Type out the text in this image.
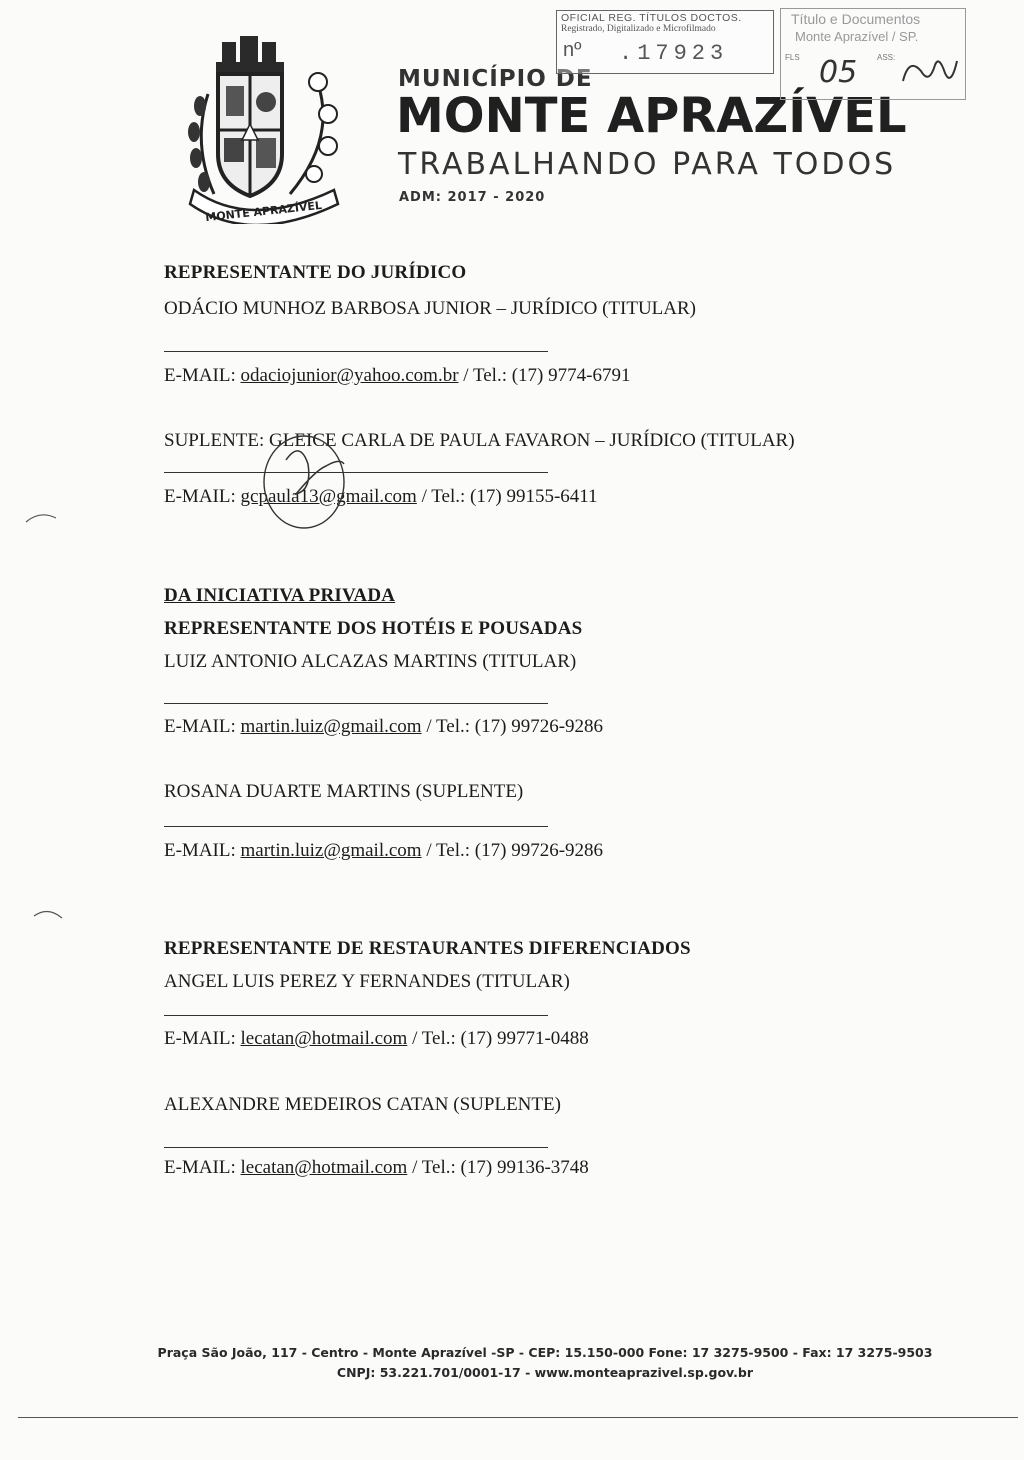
MONTE APRAZÍVEL
MUNICÍPIO DE
MONTE APRAZÍVEL
TRABALHANDO PARA TODOS
ADM: 2017 - 2020
OFICIAL REG. TÍTULOS DOCTOS.
Registrado, Digitalizado e Microfilmado
nº .17923
Título e Documentos
Monte Aprazível / SP.
FLS	ASS:
05
REPRESENTANTE DO JURÍDICO
ODÁCIO MUNHOZ BARBOSA JUNIOR – JURÍDICO (TITULAR)
E-MAIL: odaciojunior@yahoo.com.br / Tel.: (17) 9774-6791
SUPLENTE: GLEICE CARLA DE PAULA FAVARON – JURÍDICO (TITULAR)
E-MAIL: gcpaula13@gmail.com / Tel.: (17) 99155-6411
DA INICIATIVA PRIVADA
REPRESENTANTE DOS HOTÉIS E POUSADAS
LUIZ ANTONIO ALCAZAS MARTINS (TITULAR)
E-MAIL: martin.luiz@gmail.com / Tel.: (17) 99726-9286
ROSANA DUARTE MARTINS (SUPLENTE)
E-MAIL: martin.luiz@gmail.com / Tel.: (17) 99726-9286
REPRESENTANTE DE RESTAURANTES DIFERENCIADOS
ANGEL LUIS PEREZ Y FERNANDES (TITULAR)
E-MAIL: lecatan@hotmail.com / Tel.: (17) 99771-0488
ALEXANDRE MEDEIROS CATAN (SUPLENTE)
E-MAIL: lecatan@hotmail.com / Tel.: (17) 99136-3748
Praça São João, 117 - Centro - Monte Aprazível -SP - CEP: 15.150-000 Fone: 17 3275-9500 - Fax: 17 3275-9503
CNPJ: 53.221.701/0001-17 - www.monteaprazivel.sp.gov.br
